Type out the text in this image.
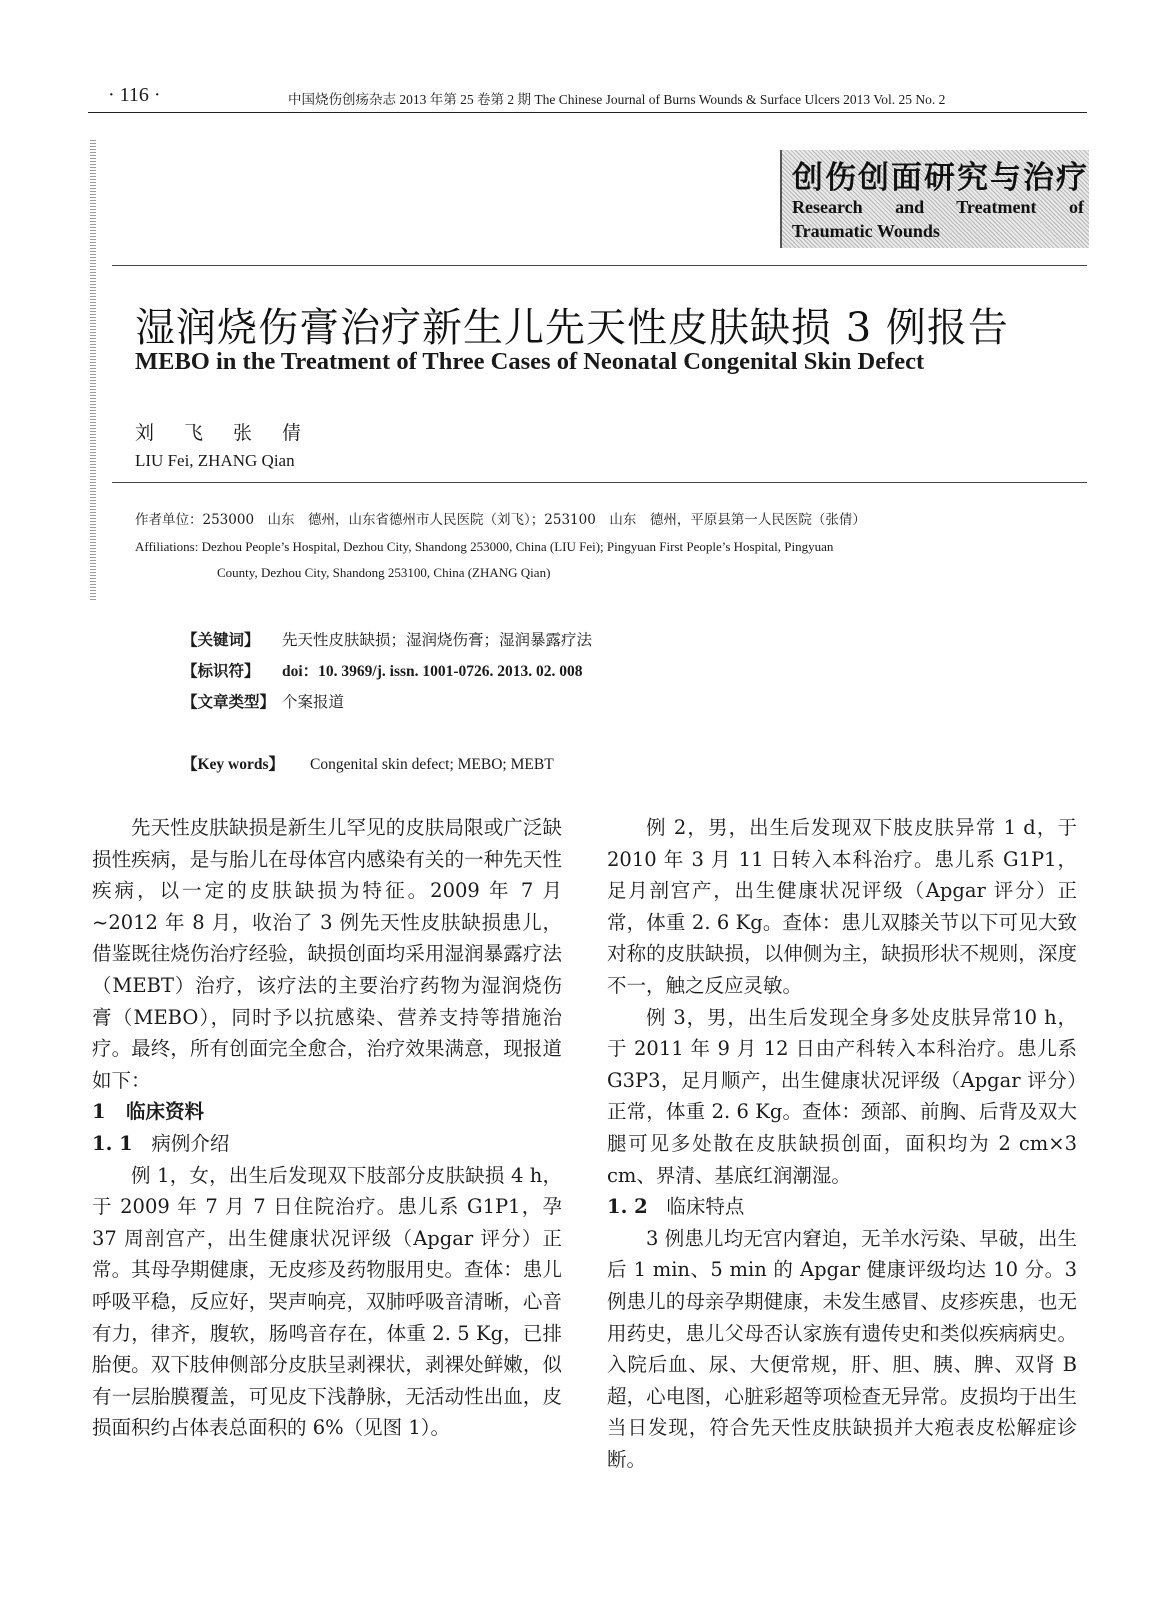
· 116 ·	中国烧伤创疡杂志 2013 年第 25 卷第 2 期 The Chinese Journal of Burns Wounds & Surface Ulcers 2013 Vol. 25 No. 2
创伤创面研究与治疗
Research and Treatment of Traumatic Wounds
湿润烧伤膏治疗新生儿先天性皮肤缺损 3 例报告
MEBO in the Treatment of Three Cases of Neonatal Congenital Skin Defect
刘飞张倩
LIU Fei, ZHANG Qian
作者单位：253000　山东　德州，山东省德州市人民医院（刘飞）；253100　山东　德州，平原县第一人民医院（张倩）
Affiliations: Dezhou People’s Hospital, Dezhou City, Shandong 253000, China (LIU Fei); Pingyuan First People’s Hospital, Pingyuan
County, Dezhou City, Shandong 253100, China (ZHANG Qian)
【关键词】 先天性皮肤缺损；湿润烧伤膏；湿润暴露疗法
【标识符】 doi：10. 3969/j. issn. 1001-0726. 2013. 02. 008
【文章类型】 个案报道
【Key words】 Congenital skin defect; MEBO; MEBT

先天性皮肤缺损是新生儿罕见的皮肤局限或广泛缺损性疾病，是与胎儿在母体宫内感染有关的一种先天性疾病，以一定的皮肤缺损为特征。2009 年 7 月 ~2012 年 8 月，收治了 3 例先天性皮肤缺损患儿，借鉴既往烧伤治疗经验，缺损创面均采用湿润暴露疗法（MEBT）治疗，该疗法的主要治疗药物为湿润烧伤膏（MEBO），同时予以抗感染、营养支持等措施治疗。最终，所有创面完全愈合，治疗效果满意，现报道如下：

1 临床资料
1. 1 病例介绍

例 1，女，出生后发现双下肢部分皮肤缺损 4 h，于 2009 年 7 月 7 日住院治疗。患儿系 G1P1，孕 37 周剖宫产，出生健康状况评级（Apgar 评分）正常。其母孕期健康，无皮疹及药物服用史。查体：患儿呼吸平稳，反应好，哭声响亮，双肺呼吸音清晰，心音有力，律齐，腹软，肠鸣音存在，体重 2. 5 Kg，已排胎便。双下肢伸侧部分皮肤呈剥裸状，剥裸处鲜嫩，似有一层胎膜覆盖，可见皮下浅静脉，无活动性出血，皮损面积约占体表总面积的 6%（见图 1）。

例 2，男，出生后发现双下肢皮肤异常 1 d，于 2010 年 3 月 11 日转入本科治疗。患儿系 G1P1，足月剖宫产，出生健康状况评级（Apgar 评分）正常，体重 2. 6 Kg。查体：患儿双膝关节以下可见大致对称的皮肤缺损，以伸侧为主，缺损形状不规则，深度不一，触之反应灵敏。

例 3，男，出生后发现全身多处皮肤异常10 h，于 2011 年 9 月 12 日由产科转入本科治疗。患儿系 G3P3，足月顺产，出生健康状况评级（Apgar 评分）正常，体重 2. 6 Kg。查体：颈部、前胸、后背及双大腿可见多处散在皮肤缺损创面，面积均为 2 cm×3 cm、界清、基底红润潮湿。

1. 2 临床特点

3 例患儿均无宫内窘迫，无羊水污染、早破，出生后 1 min、5 min 的 Apgar 健康评级均达 10 分。3 例患儿的母亲孕期健康，未发生感冒、皮疹疾患，也无用药史，患儿父母否认家族有遗传史和类似疾病病史。入院后血、尿、大便常规，肝、胆、胰、脾、双肾 B 超，心电图，心脏彩超等项检查无异常。皮损均于出生当日发现，符合先天性皮肤缺损并大疱表皮松解症诊断。
